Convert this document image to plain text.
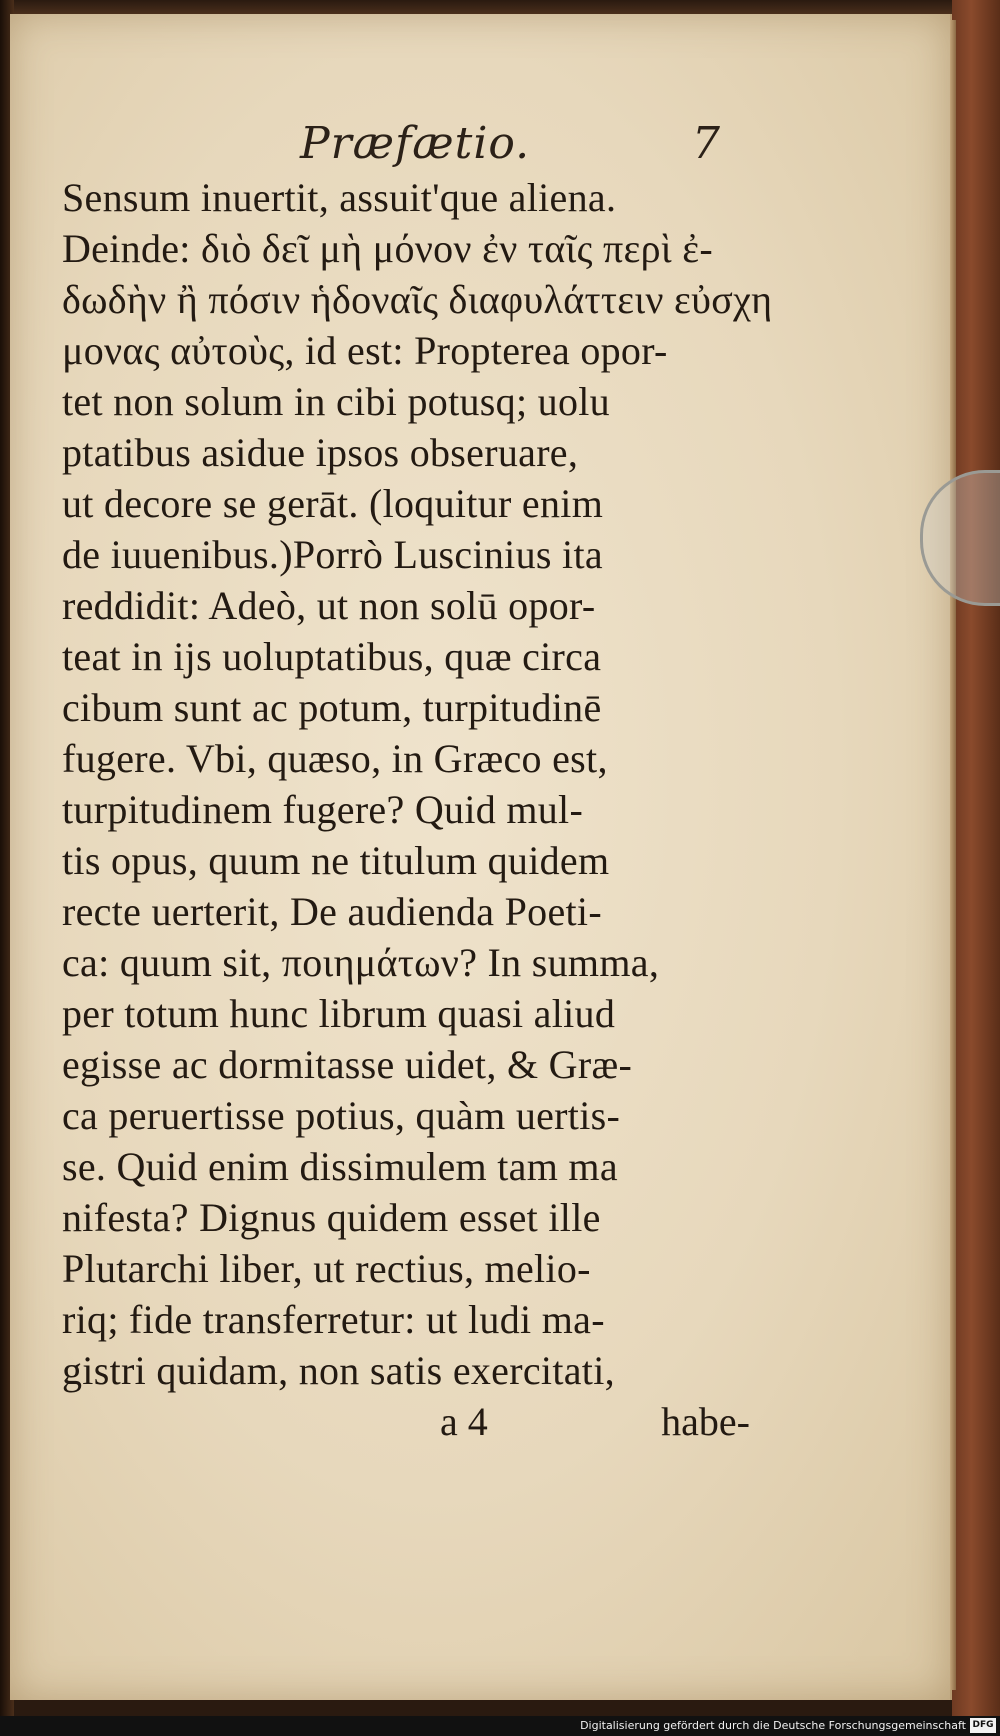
Præfætio.	7
Sensum inuertit, assuit'que aliena.
Deinde: διὸ δεῖ μὴ μόνον ἐν ταῖς περὶ ἐ-
δωδὴν ἢ πόσιν ἡδοναῖς διαφυλάττειν εὐσχη
μονας αὐτοὺς, id est: Propterea opor-
tet non solum in cibi potusq; uolu
ptatibus asidue ipsos obseruare,
ut decore se gerāt. (loquitur enim
de iuuenibus.)Porrò Luscinius ita
reddidit: Adeò, ut non solū opor-
teat in ijs uoluptatibus, quæ circa
cibum sunt ac potum, turpitudinē
fugere. Vbi, quæso, in Græco est,
turpitudinem fugere? Quid mul-
tis opus, quum ne titulum quidem
recte uerterit, De audienda Poeti-
ca: quum sit, ποιημάτων? In summa,
per totum hunc librum quasi aliud
egisse ac dormitasse uidet, & Græ-
ca peruertisse potius, quàm uertis-
se. Quid enim dissimulem tam ma
nifesta? Dignus quidem esset ille
Plutarchi liber, ut rectius, melio-
riq; fide transferretur: ut ludi ma-
gistri quidam, non satis exercitati,
a 4	habe-
Digitalisierung gefördert durch die Deutsche Forschungsgemeinschaft DFG
